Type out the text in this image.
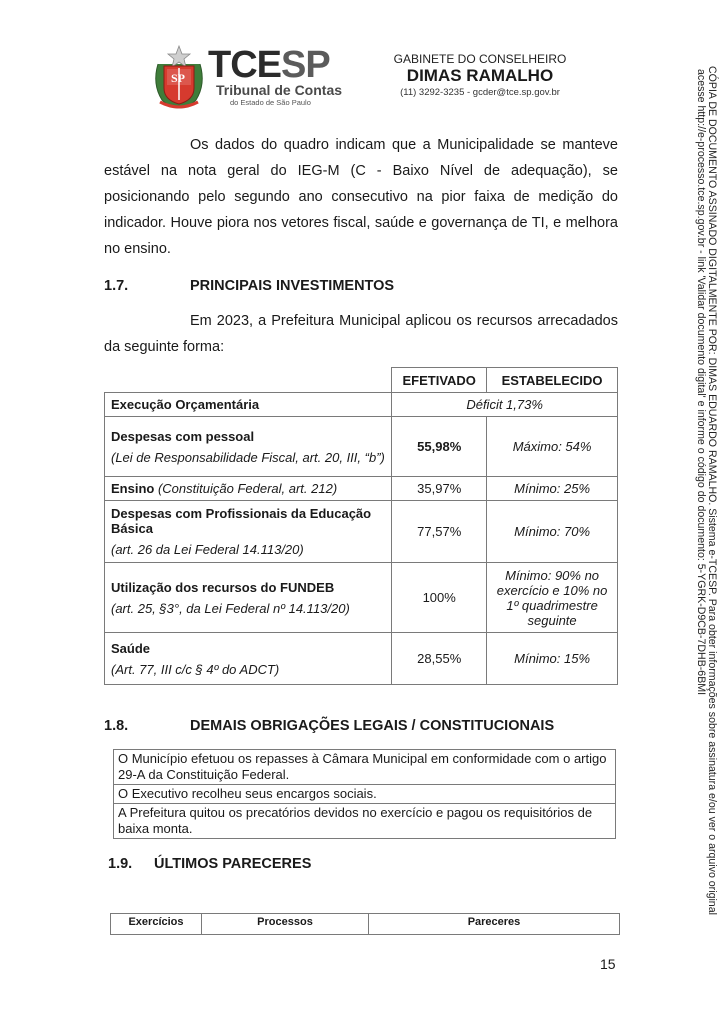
SP TCESP
Tribunal de Contas
do Estado de São Paulo
GABINETE DO CONSELHEIRO
DIMAS RAMALHO
(11) 3292-3235 - gcder@tce.sp.gov.br
Os dados do quadro indicam que a Municipalidade se manteve estável na nota geral do IEG-M (C - Baixo Nível de adequação), se posicionando pelo segundo ano consecutivo na pior faixa de medição do indicador. Houve piora nos vetores fiscal, saúde e governança de TI, e melhora no ensino.
1.7.	PRINCIPAIS INVESTIMENTOS
Em 2023, a Prefeitura Municipal aplicou os recursos arrecadados da seguinte forma:
	EFETIVADO	ESTABELECIDO
Execução Orçamentária	Déficit 1,73%	
Despesas com pessoal
(Lei de Responsabilidade Fiscal, art. 20, III, “b”)	55,98%	Máximo: 54%
Ensino (Constituição Federal, art. 212)	35,97%	Mínimo: 25%
Despesas com Profissionais da Educação Básica
(art. 26 da Lei Federal 14.113/20)	77,57%	Mínimo: 70%
Utilização dos recursos do FUNDEB
(art. 25, §3°, da Lei Federal nº 14.113/20)	100%	Mínimo: 90% no exercício e 10% no 1º quadrimestre seguinte
Saúde
(Art. 77, III c/c § 4º do ADCT)	28,55%	Mínimo: 15%
1.8.	DEMAIS OBRIGAÇÕES LEGAIS / CONSTITUCIONAIS
O Município efetuou os repasses à Câmara Municipal em conformidade com o artigo 29-A da Constituição Federal.
O Executivo recolheu seus encargos sociais.
A Prefeitura quitou os precatórios devidos no exercício e pagou os requisitórios de baixa monta.
1.9. ÚLTIMOS PARECERES
Exercícios	Processos	Pareceres
15
CÓPIA DE DOCUMENTO ASSINADO DIGITALMENTE POR: DIMAS EDUARDO RAMALHO. Sistema e-TCESP. Para obter informações sobre assinatura e/ou ver o arquivo original
acesse http://e-processo.tce.sp.gov.br - link 'Validar documento digital' e informe o código do documento: 5-YGRK-D9CB-7DHB-6BMI
